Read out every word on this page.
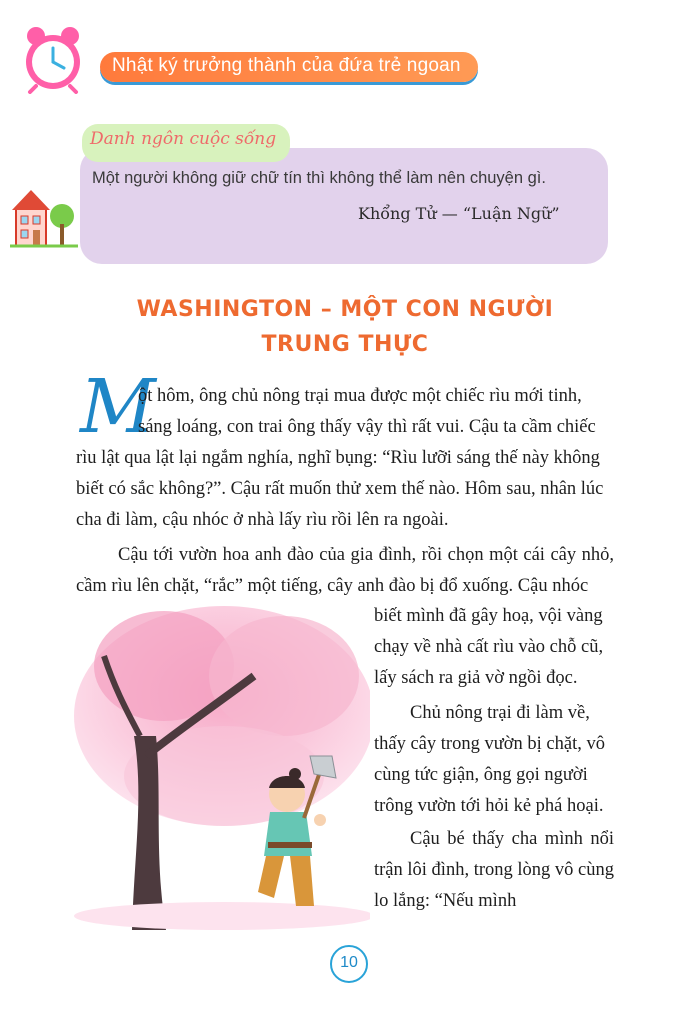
Nhật ký trưởng thành của đứa trẻ ngoan
Danh ngôn cuộc sống
Một người không giữ chữ tín thì không thể làm nên chuyện gì.
Khổng Tử — “Luận Ngữ”
WASHINGTON – MỘT CON NGƯỜI
TRUNG THỰC
M
ột hôm, ông chủ nông trại mua được một chiếc rìu mới tinh,
sáng loáng, con trai ông thấy vậy thì rất vui. Cậu ta cầm chiếc
rìu lật qua lật lại ngắm nghía, nghĩ bụng: “Rìu lưỡi sáng thế này không
biết có sắc không?”. Cậu rất muốn thử xem thế nào. Hôm sau, nhân lúc
cha đi làm, cậu nhóc ở nhà lấy rìu rồi lên ra ngoài.
Cậu tới vườn hoa anh đào của gia đình, rồi chọn một cái cây nhỏ, cầm rìu lên chặt, “rắc” một tiếng, cây anh đào bị đổ xuống. Cậu nhóc
biết mình đã gây hoạ, vội vàng chạy về nhà cất rìu vào chỗ cũ, lấy sách ra giả vờ ngồi đọc.
Chủ nông trại đi làm về, thấy cây trong vườn bị chặt, vô cùng tức giận, ông gọi người trông vườn tới hỏi kẻ phá hoại.
Cậu bé thấy cha mình nổi trận lôi đình, trong lòng vô cùng lo lắng: “Nếu mình
10
